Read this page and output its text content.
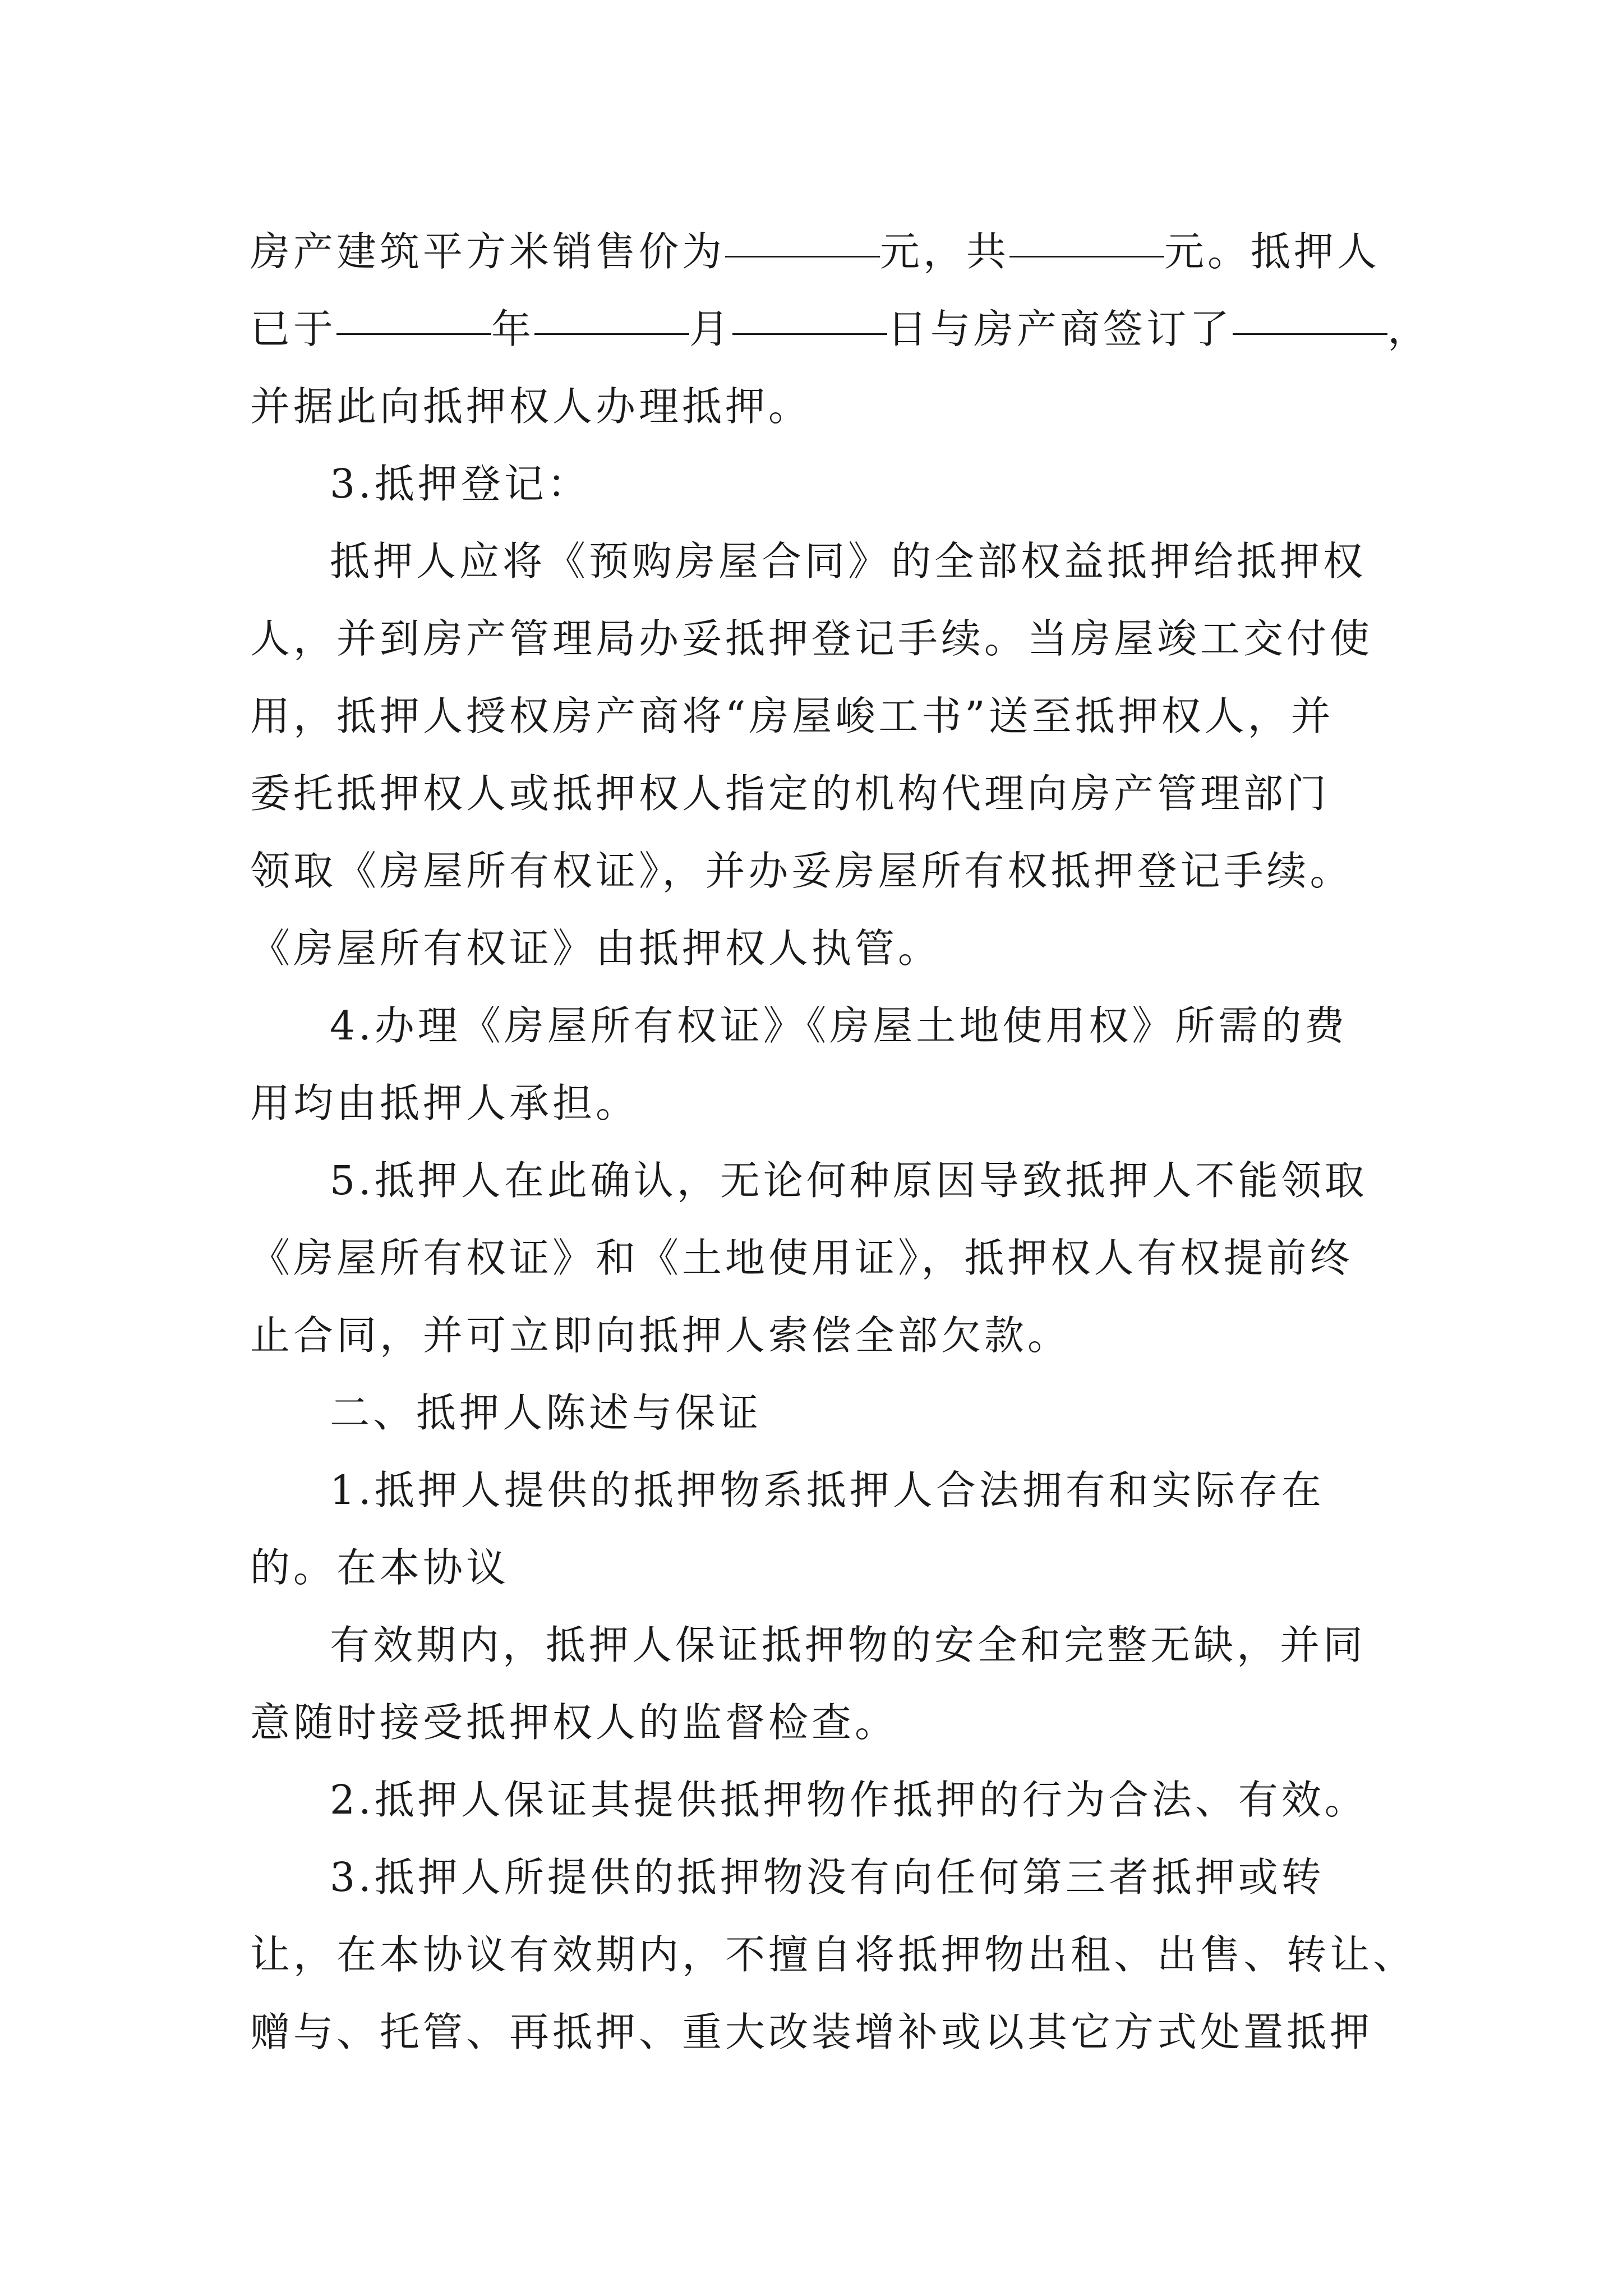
房产建筑平方米销售价为	元，共	元。抵押人
已于	年	月	日与房产商签订了	，
并据此向抵押权人办理抵押。
3.抵押登记：
抵押人应将《预购房屋合同》的全部权益抵押给抵押权
人，并到房产管理局办妥抵押登记手续。当房屋竣工交付使
用，抵押人授权房产商将“房屋峻工书”送至抵押权人，并
委托抵押权人或抵押权人指定的机构代理向房产管理部门
领取《房屋所有权证》，并办妥房屋所有权抵押登记手续。
《房屋所有权证》由抵押权人执管。
4.办理《房屋所有权证》《房屋土地使用权》所需的费
用均由抵押人承担。
5.抵押人在此确认，无论何种原因导致抵押人不能领取
《房屋所有权证》和《土地使用证》，抵押权人有权提前终
止合同，并可立即向抵押人索偿全部欠款。
二、抵押人陈述与保证
1.抵押人提供的抵押物系抵押人合法拥有和实际存在
的。在本协议
有效期内，抵押人保证抵押物的安全和完整无缺，并同
意随时接受抵押权人的监督检查。
2.抵押人保证其提供抵押物作抵押的行为合法、有效。
3.抵押人所提供的抵押物没有向任何第三者抵押或转
让，在本协议有效期内，不擅自将抵押物出租、出售、转让、
赠与、托管、再抵押、重大改装增补或以其它方式处置抵押
